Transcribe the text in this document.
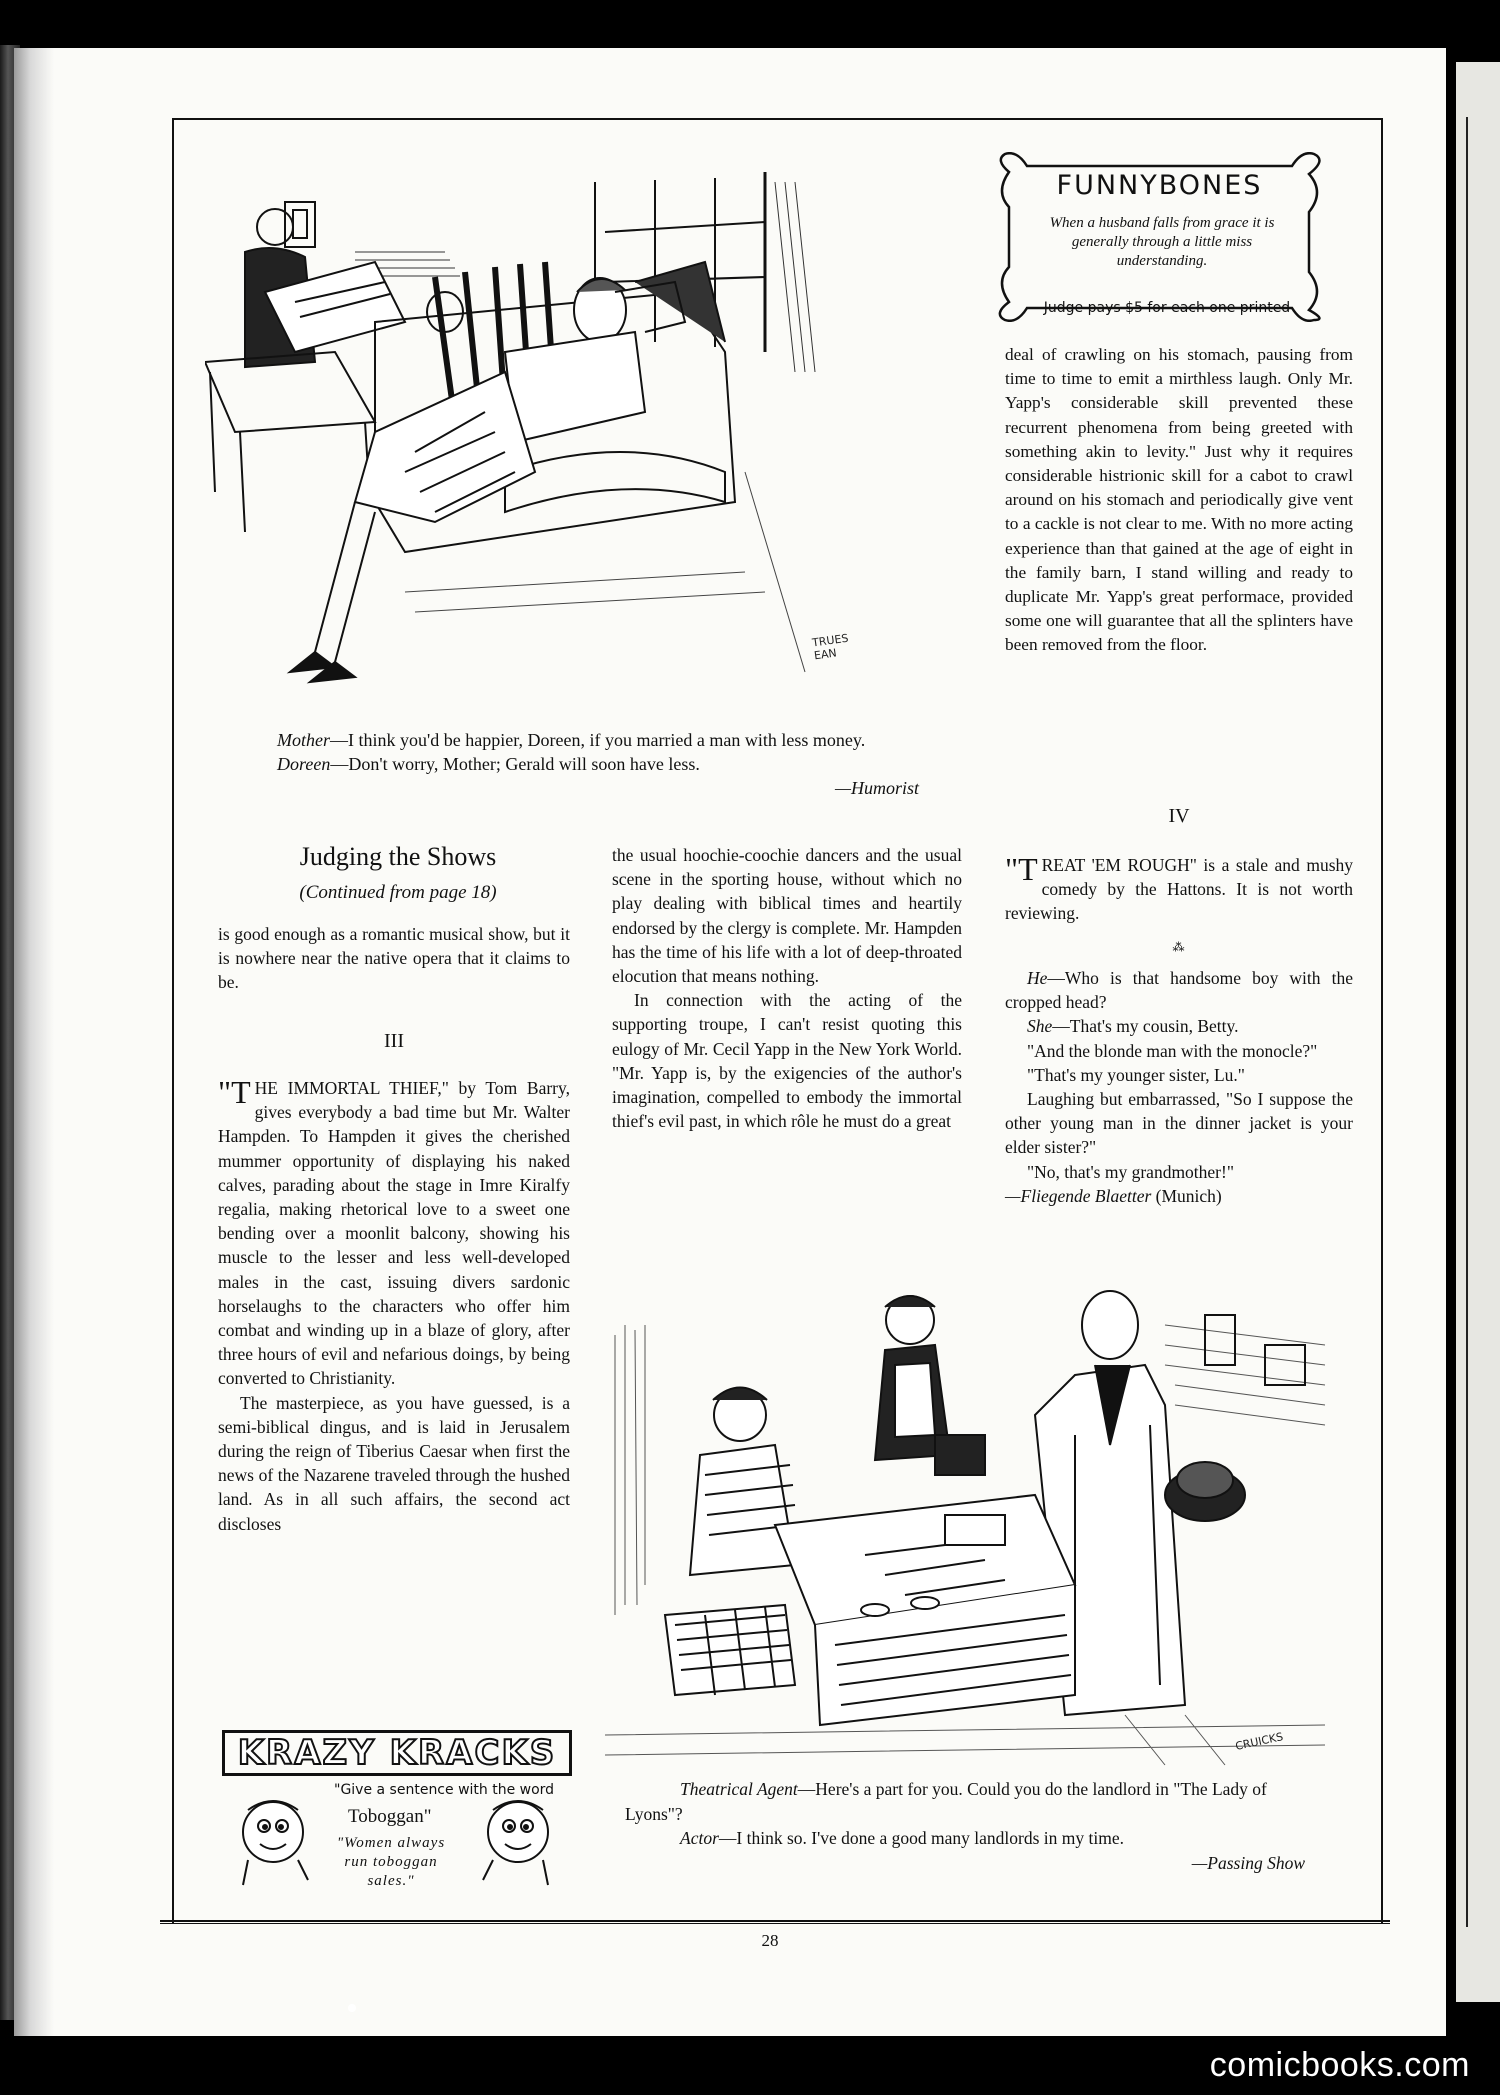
TRUES
EAN
Mother—I think you'd be happier, Doreen, if you married a man with less money.
Doreen—Don't worry, Mother; Gerald will soon have less.
—Humorist
FUNNYBONES
When a husband falls from grace it is generally through a little miss understanding.
Judge pays $5 for each one printed
deal of crawling on his stomach, pausing from time to time to emit a mirthless laugh. Only Mr. Yapp's considerable skill prevented these recurrent phenomena from being greeted with something akin to levity." Just why it requires considerable histrionic skill for a cabot to crawl around on his stomach and periodically give vent to a cackle is not clear to me. With no more acting experience than that gained at the age of eight in the family barn, I stand willing and ready to duplicate Mr. Yapp's great performace, provided some one will guarantee that all the splinters have been removed from the floor.
IV
"T REAT 'EM ROUGH" is a stale and mushy comedy by the Hattons. It is not worth reviewing.
⁂

He—Who is that handsome boy with the cropped head?

She—That's my cousin, Betty.

"And the blonde man with the monocle?"

"That's my younger sister, Lu."

Laughing but embarrassed, "So I suppose the other young man in the dinner jacket is your elder sister?"

"No, that's my grandmother!"

—Fliegende Blaetter (Munich)
Judging the Shows
(Continued from page 18)
is good enough as a romantic musical show, but it is nowhere near the native opera that it claims to be.
III

"T HE IMMORTAL THIEF," by Tom Barry, gives everybody a bad time but Mr. Walter Hampden. To Hampden it gives the cherished mummer opportunity of displaying his naked calves, parading about the stage in Imre Kiralfy regalia, making rhetorical love to a sweet one bending over a moonlit balcony, showing his muscle to the lesser and less well-developed males in the cast, issuing divers sardonic horselaughs to the characters who offer him combat and winding up in a blaze of glory, after three hours of evil and nefarious doings, by being converted to Christianity.

The masterpiece, as you have guessed, is a semi-biblical dingus, and is laid in Jerusalem during the reign of Tiberius Caesar when first the news of the Nazarene traveled through the hushed land. As in all such affairs, the second act discloses

the usual hoochie-coochie dancers and the usual scene in the sporting house, without which no play dealing with biblical times and heartily endorsed by the clergy is complete. Mr. Hampden has the time of his life with a lot of deep-throated elocution that means nothing.

In connection with the acting of the supporting troupe, I can't resist quoting this eulogy of Mr. Cecil Yapp in the New York World. "Mr. Yapp is, by the exigencies of the author's imagination, compelled to embody the immortal thief's evil past, in which rôle he must do a great

KRAZY KRACKS
"Give a sentence with the word
Toboggan"
"Women always run toboggan sales."
CRUICKS
Theatrical Agent—Here's a part for you. Could you do the landlord in "The Lady of Lyons"?
Actor—I think so. I've done a good many landlords in my time.
—Passing Show
28
comicbooks.com
